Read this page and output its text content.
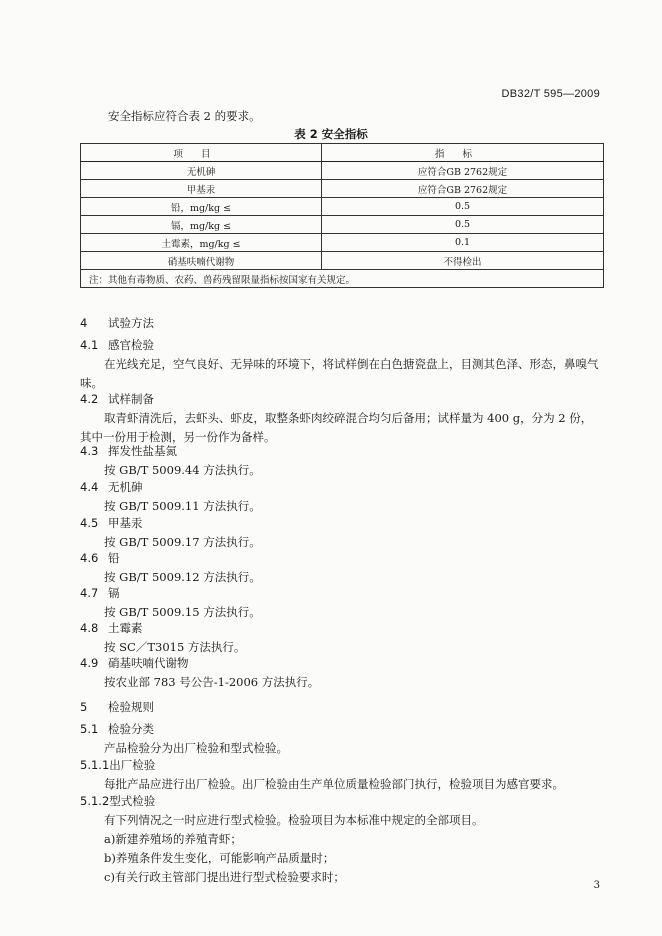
DB32/T 595—2009
安全指标应符合表 2 的要求。
表 2 安全指标
项目	指标
无机砷	应符合GB 2762规定
甲基汞	应符合GB 2762规定
铅，mg/kg ≤	0.5
镉，mg/kg ≤	0.5
土霉素，mg/kg ≤	0.1
硝基呋喃代谢物	不得检出
注：其他有毒物质、农药、兽药残留限量指标按国家有关规定。	
4 试验方法
4.1 感官检验
在光线充足，空气良好、无异味的环境下，将试样倒在白色搪瓷盘上，目测其色泽、形态，鼻嗅气
味。
4.2 试样制备
取青虾清洗后，去虾头、虾皮，取整条虾肉绞碎混合均匀后备用；试样量为 400 g，分为 2 份，
其中一份用于检测，另一份作为备样。
4.3 挥发性盐基氮
按 GB/T 5009.44 方法执行。
4.4 无机砷
按 GB/T 5009.11 方法执行。
4.5 甲基汞
按 GB/T 5009.17 方法执行。
4.6 铅
按 GB/T 5009.12 方法执行。
4.7 镉
按 GB/T 5009.15 方法执行。
4.8 土霉素
按 SC／T3015 方法执行。
4.9 硝基呋喃代谢物
按农业部 783 号公告-1-2006 方法执行。
5 检验规则
5.1 检验分类
产品检验分为出厂检验和型式检验。
5.1.1出厂检验
每批产品应进行出厂检验。出厂检验由生产单位质量检验部门执行，检验项目为感官要求。
5.1.2型式检验
有下列情况之一时应进行型式检验。检验项目为本标准中规定的全部项目。
a)新建养殖场的养殖青虾；
b)养殖条件发生变化，可能影响产品质量时；
c)有关行政主管部门提出进行型式检验要求时；
3
